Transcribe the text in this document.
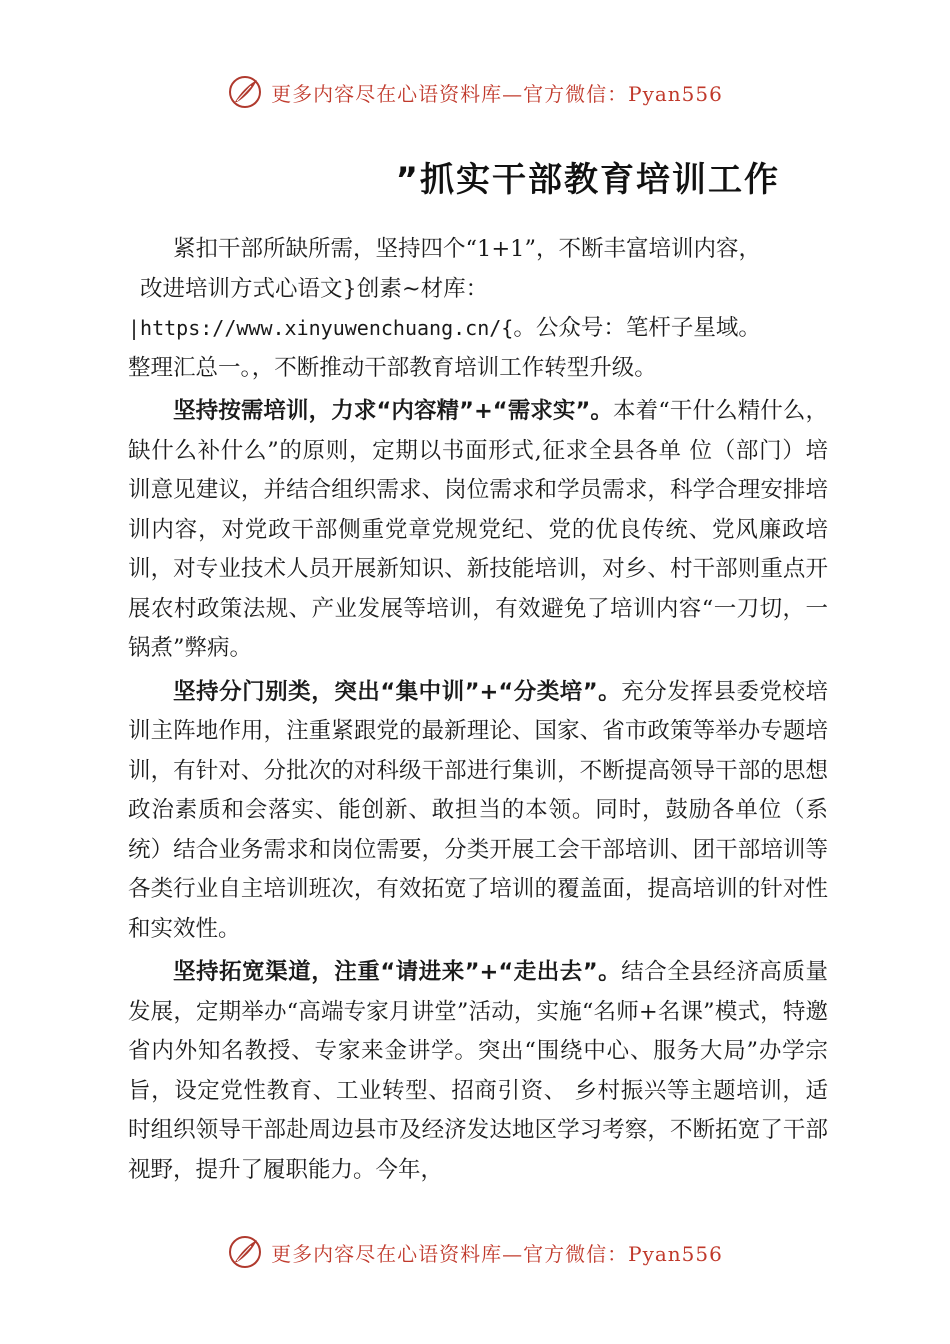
更多内容尽在心语资料库—官方微信：Pyan556
”抓实干部教育培训工作

紧扣干部所缺所需，坚持四个“1+1”，不断丰富培训内容，
改进培训方式心语文}创素~材库：
|https://www.xinyuwenchuang.cn/{。公众号：笔杆子星域。
整理汇总一。，不断推动干部教育培训工作转型升级。

坚持按需培训，力求“内容精”+“需求实”。本着“干什么精什么，缺什么补什么”的原则，定期以书面形式,征求全县各单 位（部门）培训意见建议，并结合组织需求、岗位需求和学员需求，科学合理安排培训内容，对党政干部侧重党章党规党纪、党的优良传统、党风廉政培训，对专业技术人员开展新知识、新技能培训，对乡、村干部则重点开展农村政策法规、产业发展等培训，有效避免了培训内容“一刀切，一锅煮”弊病。

坚持分门别类，突出“集中训”+“分类培”。充分发挥县委党校培训主阵地作用，注重紧跟党的最新理论、国家、省市政策等举办专题培训，有针对、分批次的对科级干部进行集训，不断提高领导干部的思想政治素质和会落实、能创新、敢担当的本领。同时，鼓励各单位（系统）结合业务需求和岗位需要，分类开展工会干部培训、团干部培训等各类行业自主培训班次，有效拓宽了培训的覆盖面，提高培训的针对性和实效性。

坚持拓宽渠道，注重“请进来”+“走出去”。结合全县经济高质量发展，定期举办“高端专家月讲堂”活动，实施“名师+名课”模式，特邀省内外知名教授、专家来金讲学。突出“围绕中心、服务大局”办学宗旨，设定党性教育、工业转型、招商引资、 乡村振兴等主题培训，适时组织领导干部赴周边县市及经济发达地区学习考察，不断拓宽了干部视野，提升了履职能力。今年，

更多内容尽在心语资料库—官方微信：Pyan556
